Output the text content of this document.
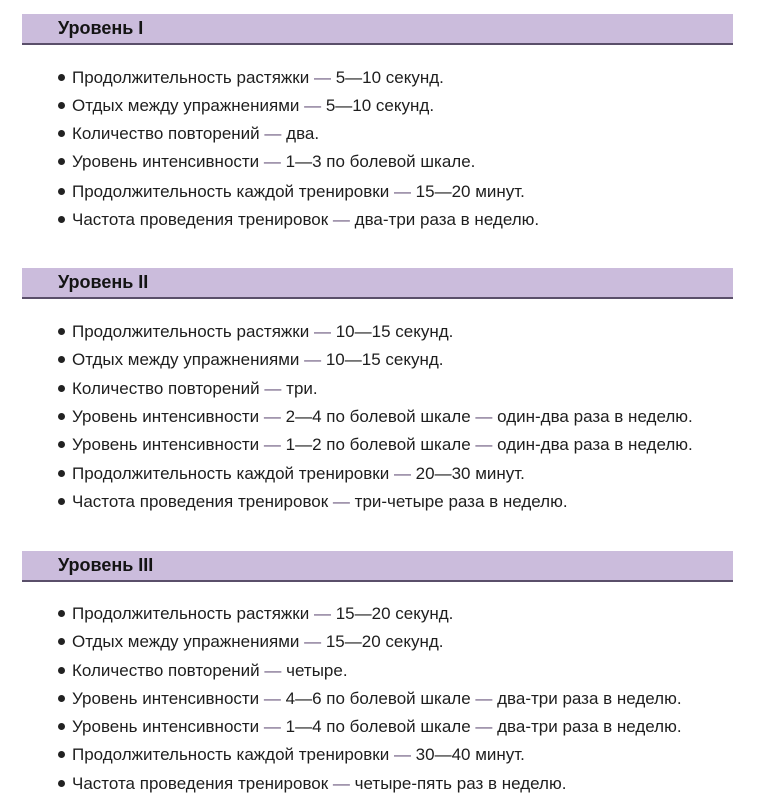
Уровень I
Продолжительность растяжки — 5—10 секунд.
Отдых между упражнениями — 5—10 секунд.
Количество повторений — два.
Уровень интенсивности — 1—3 по болевой шкале.
Продолжительность каждой тренировки — 15—20 минут.
Частота проведения тренировок — два-три раза в неделю.
Уровень II
Продолжительность растяжки — 10—15 секунд.
Отдых между упражнениями — 10—15 секунд.
Количество повторений — три.
Уровень интенсивности — 2—4 по болевой шкале — один-два раза в неделю.
Уровень интенсивности — 1—2 по болевой шкале — один-два раза в неделю.
Продолжительность каждой тренировки — 20—30 минут.
Частота проведения тренировок — три-четыре раза в неделю.
Уровень III
Продолжительность растяжки — 15—20 секунд.
Отдых между упражнениями — 15—20 секунд.
Количество повторений — четыре.
Уровень интенсивности — 4—6 по болевой шкале — два-три раза в неделю.
Уровень интенсивности — 1—4 по болевой шкале — два-три раза в неделю.
Продолжительность каждой тренировки — 30—40 минут.
Частота проведения тренировок — четыре-пять раз в неделю.
